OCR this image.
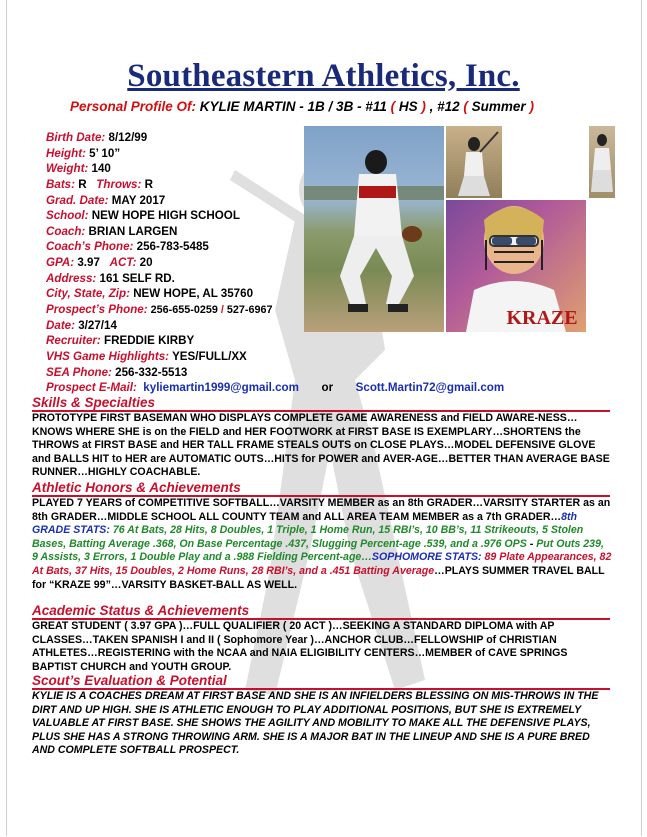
Southeastern Athletics, Inc.
Personal Profile Of: KYLIE MARTIN - 1B / 3B - #11 ( HS ) , #12 ( Summer )
Birth Date: 8/12/99
Height: 5’ 10”
Weight: 140
Bats: R Throws: R
Grad. Date: MAY 2017
School: NEW HOPE HIGH SCHOOL
Coach: BRIAN LARGEN
Coach’s Phone: 256-783-5485
GPA: 3.97 ACT: 20
Address: 161 SELF RD.
City, State, Zip: NEW HOPE, AL 35760
Prospect’s Phone: 256-655-0259 / 527-6967
Date: 3/27/14
Recruiter: FREDDIE KIRBY
VHS Game Highlights: YES/FULL/XX
SEA Phone: 256-332-5513
Prospect E-Mail: kyliemartin1999@gmail.com or Scott.Martin72@gmail.com
KRAZE
Skills & Specialties
PROTOTYPE FIRST BASEMAN WHO DISPLAYS COMPLETE GAME AWARENESS and FIELD AWARE-NESS…KNOWS WHERE SHE is on the FIELD and HER FOOTWORK at FIRST BASE IS EXEMPLARY…SHORTENS the THROWS at FIRST BASE and HER TALL FRAME STEALS OUTS on CLOSE PLAYS…MODEL DEFENSIVE GLOVE and BALLS HIT to HER are AUTOMATIC OUTS…HITS for POWER and AVER-AGE…BETTER THAN AVERAGE BASE RUNNER…HIGHLY COACHABLE.
Athletic Honors & Achievements
PLAYED 7 YEARS of COMPETITIVE SOFTBALL…VARSITY MEMBER as an 8th GRADER…VARSITY STARTER as an 8th GRADER…MIDDLE SCHOOL ALL COUNTY TEAM and ALL AREA TEAM MEMBER as a 7th GRADER…8th GRADE STATS: 76 At Bats, 28 Hits, 8 Doubles, 1 Triple, 1 Home Run, 15 RBI’s, 10 BB’s, 11 Strikeouts, 5 Stolen Bases, Batting Average .368, On Base Percentage .437, Slugging Percent-age .539, and a .976 OPS - Put Outs 239, 9 Assists, 3 Errors, 1 Double Play and a .988 Fielding Percent-age…SOPHOMORE STATS: 89 Plate Appearances, 82 At Bats, 37 Hits, 15 Doubles, 2 Home Runs, 28 RBI’s, and a .451 Batting Average…PLAYS SUMMER TRAVEL BALL for “KRAZE 99”…VARSITY BASKET-BALL AS WELL.
Academic Status & Achievements
GREAT STUDENT ( 3.97 GPA )…FULL QUALIFIER ( 20 ACT )…SEEKING A STANDARD DIPLOMA with AP CLASSES…TAKEN SPANISH I and II ( Sophomore Year )…ANCHOR CLUB…FELLOWSHIP of CHRISTIAN ATHLETES…REGISTERING with the NCAA and NAIA ELIGIBILITY CENTERS…MEMBER of CAVE SPRINGS BAPTIST CHURCH and YOUTH GROUP.
Scout’s Evaluation & Potential
KYLIE IS A COACHES DREAM AT FIRST BASE AND SHE IS AN INFIELDERS BLESSING ON MIS-THROWS IN THE DIRT AND UP HIGH. SHE IS ATHLETIC ENOUGH TO PLAY ADDITIONAL POSITIONS, BUT SHE IS EXTREMELY VALUABLE AT FIRST BASE. SHE SHOWS THE AGILITY AND MOBILITY TO MAKE ALL THE DEFENSIVE PLAYS, PLUS SHE HAS A STRONG THROWING ARM. SHE IS A MAJOR BAT IN THE LINEUP AND SHE IS A PURE BRED AND COMPLETE SOFTBALL PROSPECT.
